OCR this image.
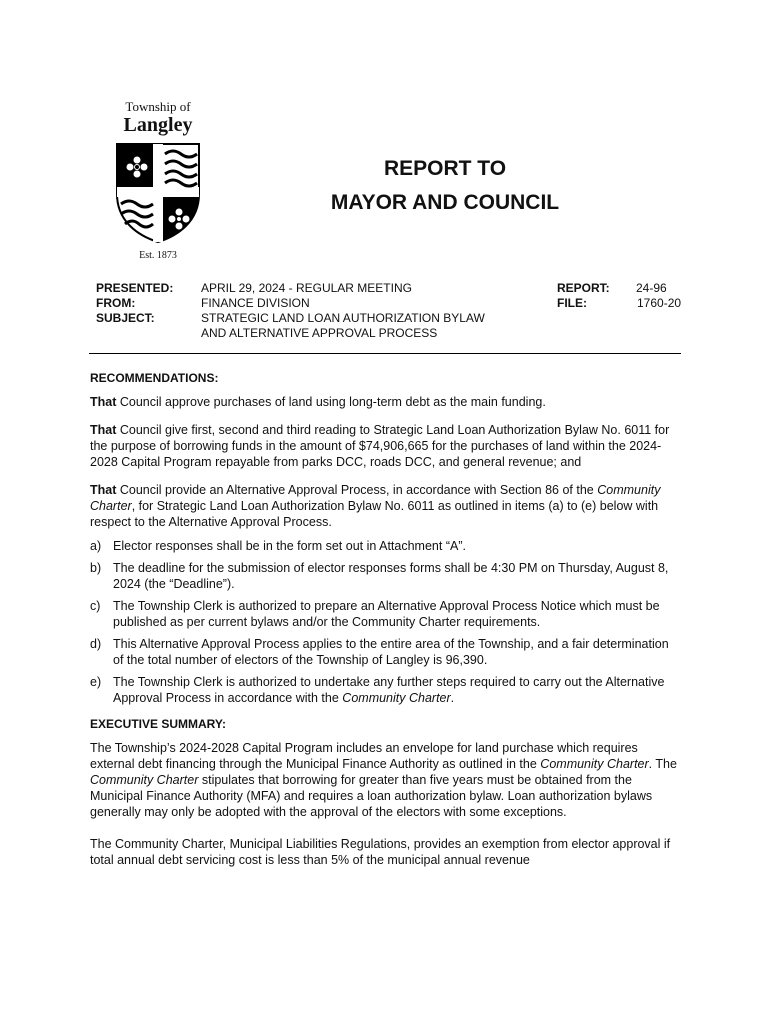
Township of
Langley
Est. 1873
REPORT TO
MAYOR AND COUNCIL
PRESENTED: APRIL 29, 2024 - REGULAR MEETING
FROM:	FINANCE DIVISION
SUBJECT:	STRATEGIC LAND LOAN AUTHORIZATION BYLAW
AND ALTERNATIVE APPROVAL PROCESS
REPORT: 24-96
FILE:	1760-20
RECOMMENDATIONS:
That Council approve purchases of land using long-term debt as the main funding.
That Council give first, second and third reading to Strategic Land Loan Authorization Bylaw No. 6011 for the purpose of borrowing funds in the amount of $74,906,665 for the purchases of land within the 2024-2028 Capital Program repayable from parks DCC, roads DCC, and general revenue; and
That Council provide an Alternative Approval Process, in accordance with Section 86 of the Community Charter, for Strategic Land Loan Authorization Bylaw No. 6011 as outlined in items (a) to (e) below with respect to the Alternative Approval Process.
a) Elector responses shall be in the form set out in Attachment “A”.
b) The deadline for the submission of elector responses forms shall be 4:30 PM on Thursday, August 8, 2024 (the “Deadline”).
c)	The Township Clerk is authorized to prepare an Alternative Approval Process Notice which must be published as per current bylaws and/or the Community Charter requirements.
d) This Alternative Approval Process applies to the entire area of the Township, and a fair determination of the total number of electors of the Township of Langley is 96,390.
e) The Township Clerk is authorized to undertake any further steps required to carry out the Alternative Approval Process in accordance with the Community Charter.
EXECUTIVE SUMMARY:
The Township’s 2024-2028 Capital Program includes an envelope for land purchase which requires external debt financing through the Municipal Finance Authority as outlined in the Community Charter. The Community Charter stipulates that borrowing for greater than five years must be obtained from the Municipal Finance Authority (MFA) and requires a loan authorization bylaw. Loan authorization bylaws generally may only be adopted with the approval of the electors with some exceptions.
The Community Charter, Municipal Liabilities Regulations, provides an exemption from elector approval if total annual debt servicing cost is less than 5% of the municipal annual revenue
